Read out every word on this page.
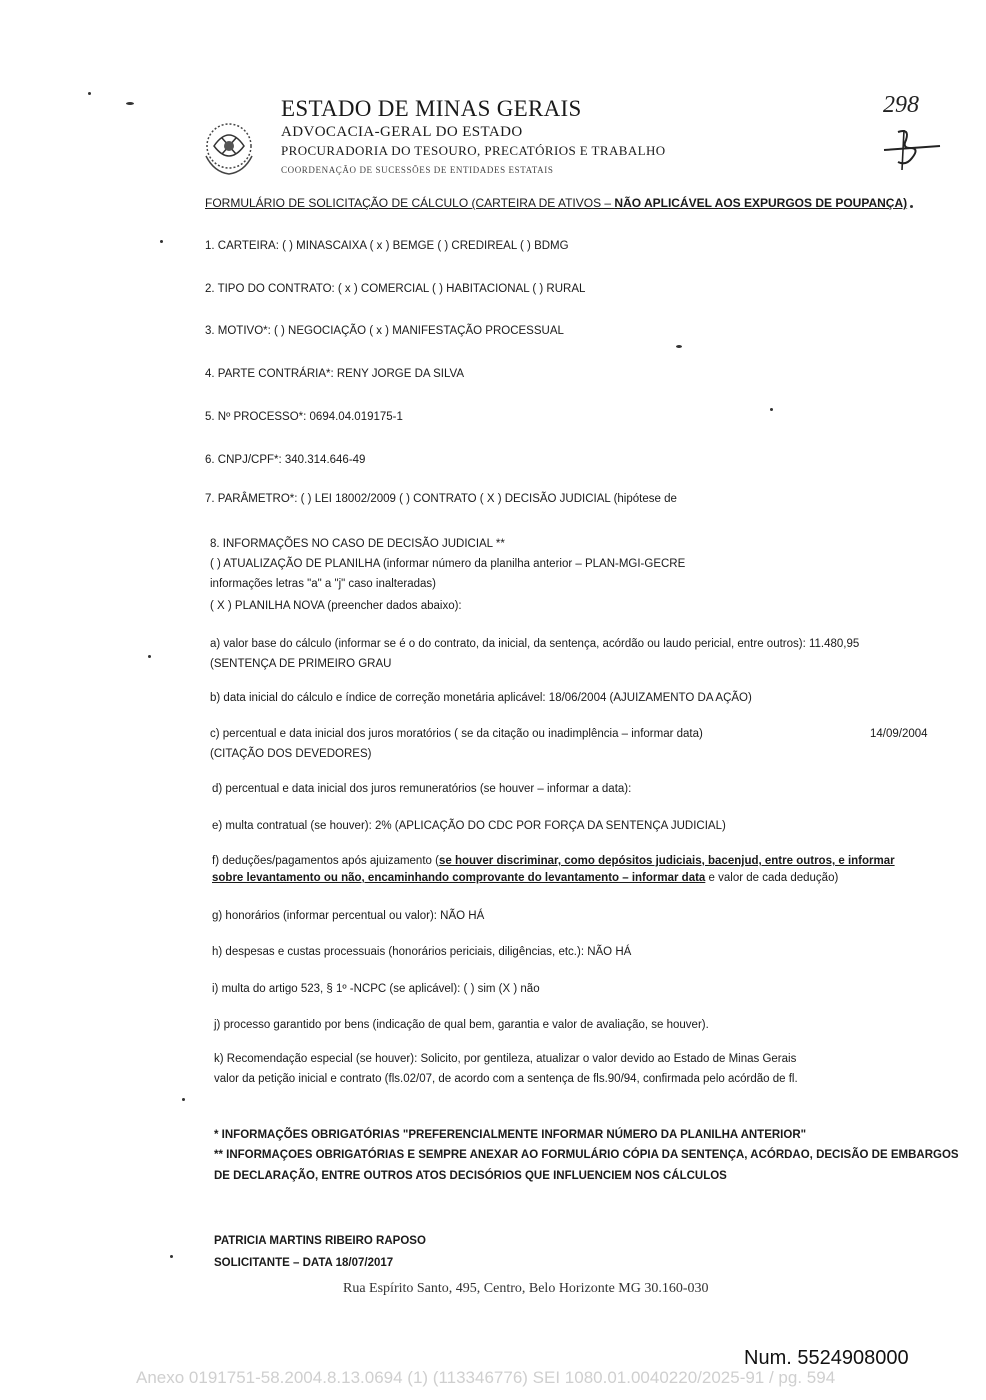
ESTADO DE MINAS GERAIS
ADVOCACIA-GERAL DO ESTADO
PROCURADORIA DO TESOURO, PRECATÓRIOS E TRABALHO
COORDENAÇÃO DE SUCESSÕES DE ENTIDADES ESTATAIS
298
FORMULÁRIO DE SOLICITAÇÃO DE CÁLCULO (CARTEIRA DE ATIVOS – NÃO APLICÁVEL AOS EXPURGOS DE POUPANÇA)
1. CARTEIRA: ( ) MINASCAIXA ( x ) BEMGE ( ) CREDIREAL ( ) BDMG
2. TIPO DO CONTRATO: ( x ) COMERCIAL ( ) HABITACIONAL ( ) RURAL
3. MOTIVO*: ( ) NEGOCIAÇÃO ( x ) MANIFESTAÇÃO PROCESSUAL
4. PARTE CONTRÁRIA*: RENY JORGE DA SILVA
5. Nº PROCESSO*: 0694.04.019175-1
6. CNPJ/CPF*: 340.314.646-49
7. PARÂMETRO*: ( ) LEI 18002/2009 ( ) CONTRATO ( X ) DECISÃO JUDICIAL (hipótese de
8. INFORMAÇÕES NO CASO DE DECISÃO JUDICIAL **
( ) ATUALIZAÇÃO DE PLANILHA (informar número da planilha anterior – PLAN-MGI-GECRE
informações letras "a" a "j" caso inalteradas)
( X ) PLANILHA NOVA (preencher dados abaixo):
a) valor base do cálculo (informar se é o do contrato, da inicial, da sentença, acórdão ou laudo pericial, entre outros): 11.480,95
(SENTENÇA DE PRIMEIRO GRAU
b) data inicial do cálculo e índice de correção monetária aplicável: 18/06/2004 (AJUIZAMENTO DA AÇÃO)
c) percentual e data inicial dos juros moratórios ( se da citação ou inadimplência – informar data)	14/09/2004
(CITAÇÃO DOS DEVEDORES)
d) percentual e data inicial dos juros remuneratórios (se houver – informar a data):
e) multa contratual (se houver): 2% (APLICAÇÃO DO CDC POR FORÇA DA SENTENÇA JUDICIAL)
f) deduções/pagamentos após ajuizamento (se houver discriminar, como depósitos judiciais, bacenjud, entre outros, e informar
sobre levantamento ou não, encaminhando comprovante do levantamento – informar data e valor de cada dedução)
g) honorários (informar percentual ou valor): NÃO HÁ
h) despesas e custas processuais (honorários periciais, diligências, etc.): NÃO HÁ
i) multa do artigo 523, § 1º -NCPC (se aplicável): ( ) sim (X ) não
j) processo garantido por bens (indicação de qual bem, garantia e valor de avaliação, se houver).
k) Recomendação especial (se houver): Solicito, por gentileza, atualizar o valor devido ao Estado de Minas Gerais
valor da petição inicial e contrato (fls.02/07, de acordo com a sentença de fls.90/94, confirmada pelo acórdão de fl.
* INFORMAÇÕES OBRIGATÓRIAS "PREFERENCIALMENTE INFORMAR NÚMERO DA PLANILHA ANTERIOR"
** INFORMAÇOES OBRIGATÓRIAS E SEMPRE ANEXAR AO FORMULÁRIO CÓPIA DA SENTENÇA, ACÓRDAO, DECISÃO DE EMBARGOS
DE DECLARAÇÃO, ENTRE OUTROS ATOS DECISÓRIOS QUE INFLUENCIEM NOS CÁLCULOS
PATRICIA MARTINS RIBEIRO RAPOSO
SOLICITANTE – DATA 18/07/2017
Rua Espírito Santo, 495, Centro, Belo Horizonte MG 30.160-030
Num. 5524908000
Anexo 0191751-58.2004.8.13.0694 (1) (113346776) SEI 1080.01.0040220/2025-91 / pg. 594
